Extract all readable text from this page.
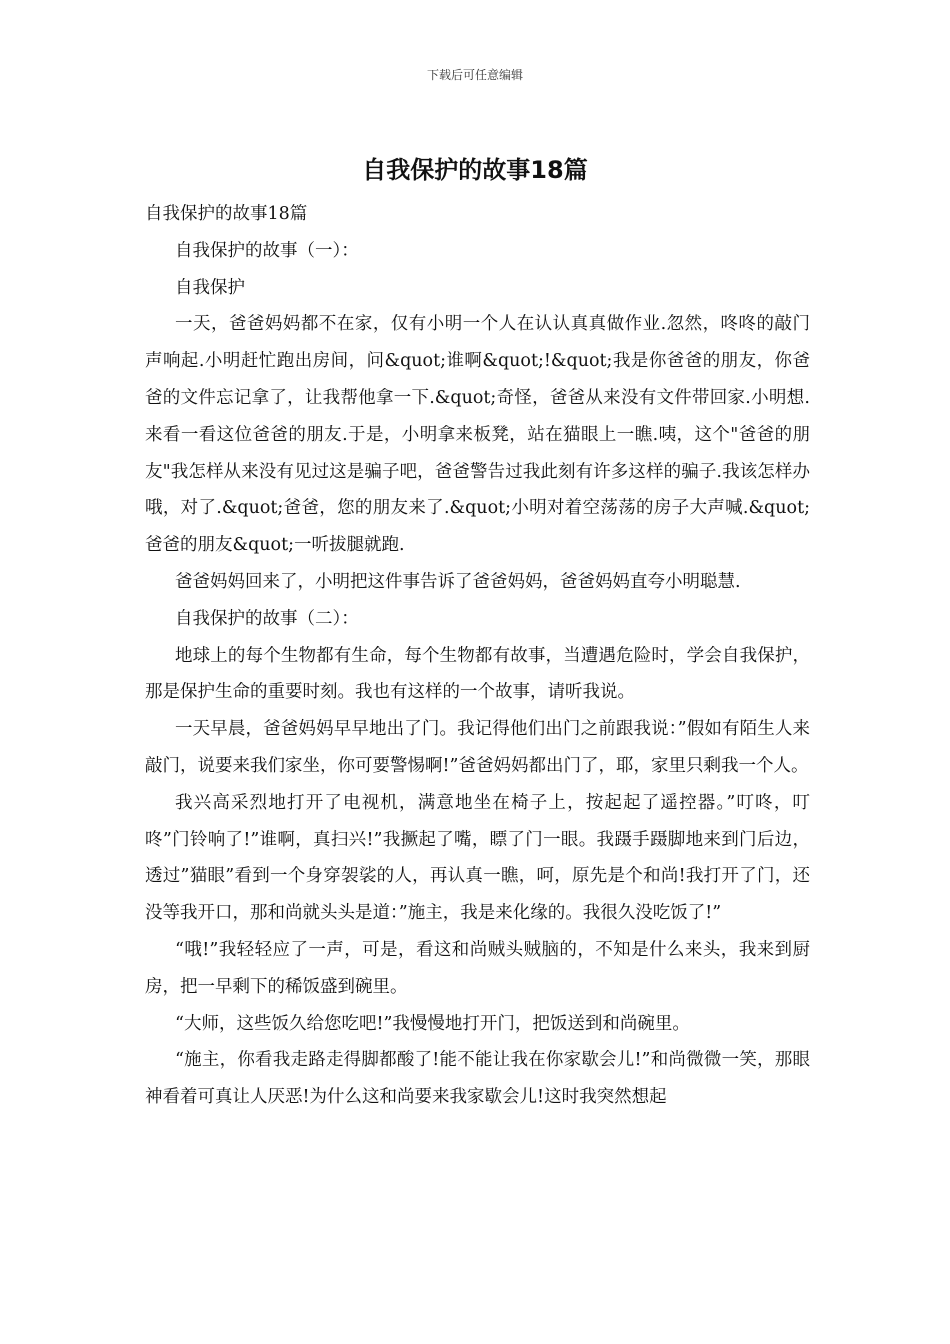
下载后可任意编辑
自我保护的故事18篇

自我保护的故事18篇

自我保护的故事（一）：

自我保护

一天，爸爸妈妈都不在家，仅有小明一个人在认认真真做作业.忽然，咚咚的敲门声响起.小明赶忙跑出房间，问&quot;谁啊&quot;!&quot;我是你爸爸的朋友，你爸爸的文件忘记拿了，让我帮他拿一下.&quot;奇怪，爸爸从来没有文件带回家.小明想.来看一看这位爸爸的朋友.于是，小明拿来板凳，站在猫眼上一瞧.咦，这个"爸爸的朋友"我怎样从来没有见过这是骗子吧，爸爸警告过我此刻有许多这样的骗子.我该怎样办哦，对了.&quot;爸爸，您的朋友来了.&quot;小明对着空荡荡的房子大声喊.&quot;爸爸的朋友&quot;一听拔腿就跑.

爸爸妈妈回来了，小明把这件事告诉了爸爸妈妈，爸爸妈妈直夸小明聪慧.

自我保护的故事（二）：

地球上的每个生物都有生命，每个生物都有故事，当遭遇危险时，学会自我保护，那是保护生命的重要时刻。我也有这样的一个故事，请听我说。

一天早晨，爸爸妈妈早早地出了门。我记得他们出门之前跟我说：”假如有陌生人来敲门，说要来我们家坐，你可要警惕啊!”爸爸妈妈都出门了，耶，家里只剩我一个人。

我兴高采烈地打开了电视机，满意地坐在椅子上，按起起了遥控器。”叮咚，叮咚”门铃响了!”谁啊，真扫兴!”我撅起了嘴，瞟了门一眼。我蹑手蹑脚地来到门后边，透过”猫眼”看到一个身穿袈裟的人，再认真一瞧，呵，原先是个和尚!我打开了门，还没等我开口，那和尚就头头是道：”施主，我是来化缘的。我很久没吃饭了!”

“哦!”我轻轻应了一声，可是，看这和尚贼头贼脑的，不知是什么来头，我来到厨房，把一早剩下的稀饭盛到碗里。

“大师，这些饭久给您吃吧!”我慢慢地打开门，把饭送到和尚碗里。

“施主，你看我走路走得脚都酸了!能不能让我在你家歇会儿!”和尚微微一笑，那眼神看着可真让人厌恶!为什么这和尚要来我家歇会儿!这时我突然想起
